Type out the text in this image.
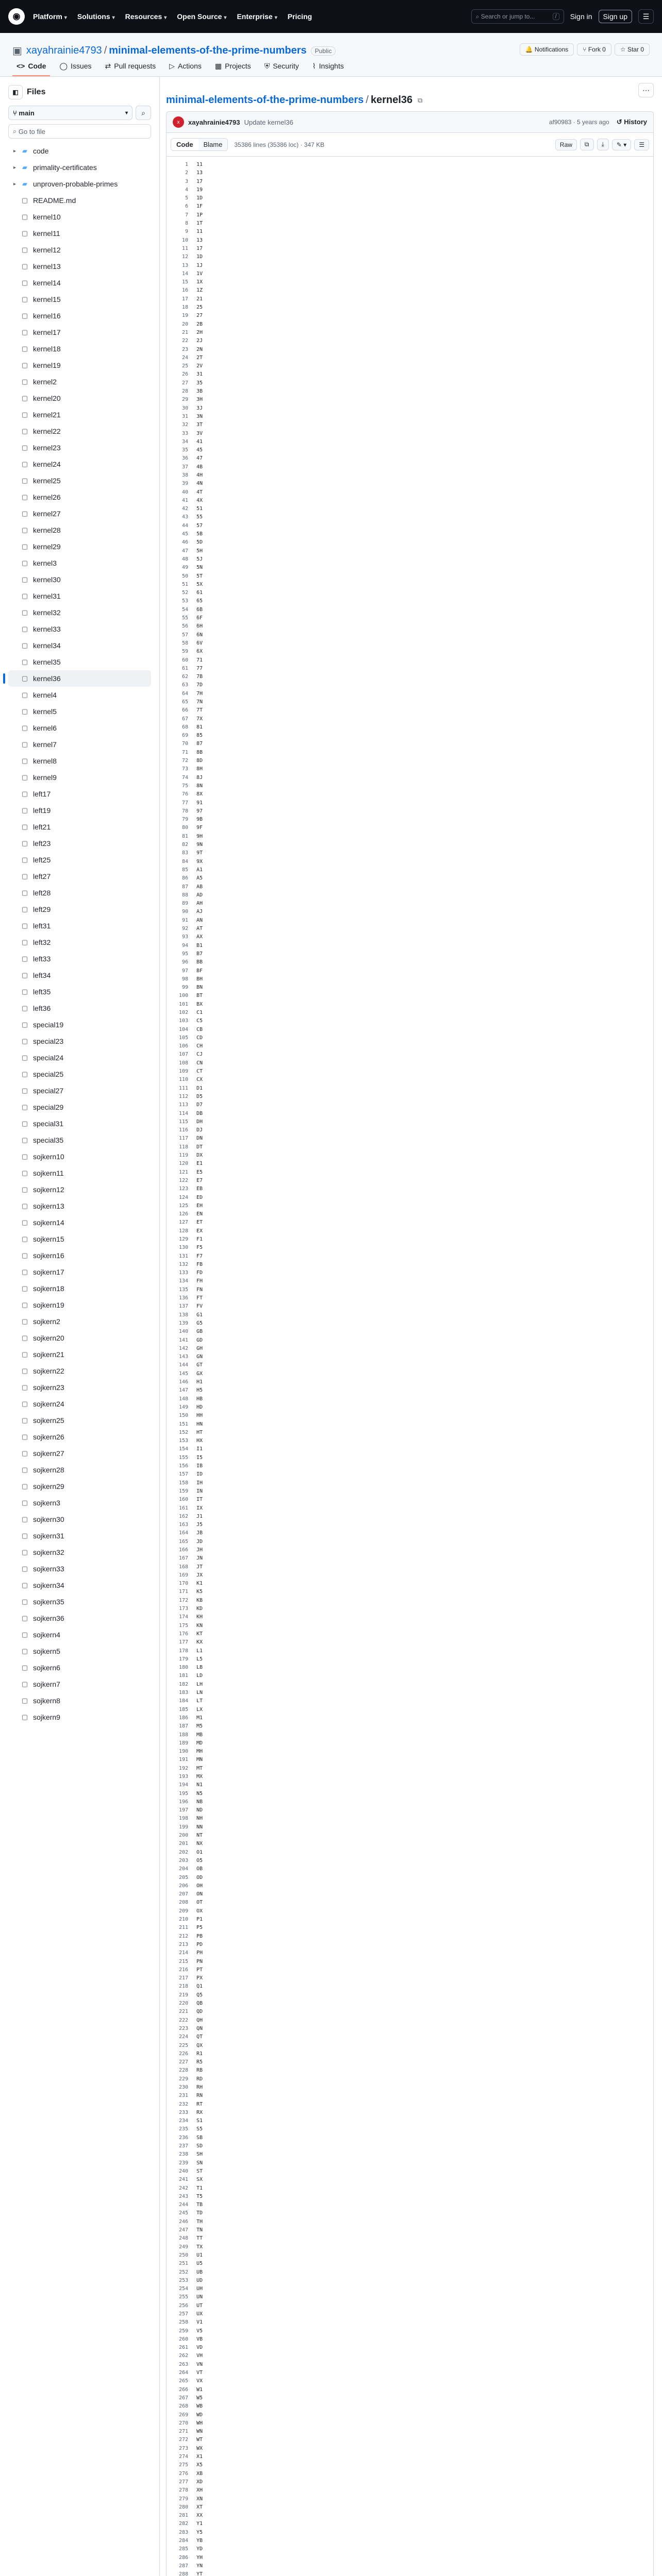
◉	Platform ▾ Solutions ▾ Resources ▾ Open Source ▾ Enterprise ▾ Pricing	⌕ Search or jump to...	/	Sign in	Sign up	☰
▣ xayahrainie4793 / minimal-elements-of-the-prime-numbers	Public	🔔 Notifications	⑂ Fork 0	☆ Star 0
<> Code ◯ Issues ⇄ Pull requests ▷ Actions ▦ Projects ⛨ Security ⌇ Insights
◧	Files
⑂ main	▾	⌕
⌕ Go to file
▸ ▰ code
▸ ▰ primality-certificates
▸ ▰ unproven-probable-primes
▢ README.md
▢ kernel10
▢ kernel11
▢ kernel12
▢ kernel13
▢ kernel14
▢ kernel15
▢ kernel16
▢ kernel17
▢ kernel18
▢ kernel19
▢ kernel2
▢ kernel20
▢ kernel21
▢ kernel22
▢ kernel23
▢ kernel24
▢ kernel25
▢ kernel26
▢ kernel27
▢ kernel28
▢ kernel29
▢ kernel3
▢ kernel30
▢ kernel31
▢ kernel32
▢ kernel33
▢ kernel34
▢ kernel35
▢ kernel36
▢ kernel4
▢ kernel5
▢ kernel6
▢ kernel7
▢ kernel8
▢ kernel9
▢ left17
▢ left19
▢ left21
▢ left23
▢ left25
▢ left27
▢ left28
▢ left29
▢ left31
▢ left32
▢ left33
▢ left34
▢ left35
▢ left36
▢ special19
▢ special23
▢ special24
▢ special25
▢ special27
▢ special29
▢ special31
▢ special35
▢ sojkern10
▢ sojkern11
▢ sojkern12
▢ sojkern13
▢ sojkern14
▢ sojkern15
▢ sojkern16
▢ sojkern17
▢ sojkern18
▢ sojkern19
▢ sojkern2
▢ sojkern20
▢ sojkern21
▢ sojkern22
▢ sojkern23
▢ sojkern24
▢ sojkern25
▢ sojkern26
▢ sojkern27
▢ sojkern28
▢ sojkern29
▢ sojkern3
▢ sojkern30
▢ sojkern31
▢ sojkern32
▢ sojkern33
▢ sojkern34
▢ sojkern35
▢ sojkern36
▢ sojkern4
▢ sojkern5
▢ sojkern6
▢ sojkern7
▢ sojkern8
▢ sojkern9
⋯
minimal-elements-of-the-prime-numbers / kernel36 ⧉
x	xayahrainie4793 Update kernel36	af90983 · 5 years ago ↺ History
Code	Blame	35386 lines (35386 loc) · 347 KB	Raw	⧉	⤓	✎ ▾	☰
1	11
2	13
3	17
4	19
5	1D
6	1F
7	1P
8	1T
9	11
10	13
11	17
12	1D
13	1J
14	1V
15	1X
16	1Z
17	21
18	25
19	27
20	2B
21	2H
22	2J
23	2N
24	2T
25	2V
26	31
27	35
28	3B
29	3H
30	3J
31	3N
32	3T
33	3V
34	41
35	45
36	47
37	4B
38	4H
39	4N
40	4T
41	4X
42	51
43	55
44	57
45	5B
46	5D
47	5H
48	5J
49	5N
50	5T
51	5X
52	61
53	65
54	6B
55	6F
56	6H
57	6N
58	6V
59	6X
60	71
61	77
62	7B
63	7D
64	7H
65	7N
66	7T
67	7X
68	81
69	85
70	87
71	8B
72	8D
73	8H
74	8J
75	8N
76	8X
77	91
78	97
79	9B
80	9F
81	9H
82	9N
83	9T
84	9X
85	A1
86	A5
87	AB
88	AD
89	AH
90	AJ
91	AN
92	AT
93	AX
94	B1
95	B7
96	BB
97	BF
98	BH
99	BN
100	BT
101	BX
102	C1
103	C5
104	CB
105	CD
106	CH
107	CJ
108	CN
109	CT
110	CX
111	D1
112	D5
113	D7
114	DB
115	DH
116	DJ
117	DN
118	DT
119	DX
120	E1
121	E5
122	E7
123	EB
124	ED
125	EH
126	EN
127	ET
128	EX
129	F1
130	F5
131	F7
132	FB
133	FD
134	FH
135	FN
136	FT
137	FV
138	G1
139	G5
140	GB
141	GD
142	GH
143	GN
144	GT
145	GX
146	H1
147	H5
148	HB
149	HD
150	HH
151	HN
152	HT
153	HX
154	I1
155	I5
156	IB
157	ID
158	IH
159	IN
160	IT
161	IX
162	J1
163	J5
164	JB
165	JD
166	JH
167	JN
168	JT
169	JX
170	K1
171	K5
172	KB
173	KD
174	KH
175	KN
176	KT
177	KX
178	L1
179	L5
180	LB
181	LD
182	LH
183	LN
184	LT
185	LX
186	M1
187	M5
188	MB
189	MD
190	MH
191	MN
192	MT
193	MX
194	N1
195	N5
196	NB
197	ND
198	NH
199	NN
200	NT
201	NX
202	O1
203	O5
204	OB
205	OD
206	OH
207	ON
208	OT
209	OX
210	P1
211	P5
212	PB
213	PD
214	PH
215	PN
216	PT
217	PX
218	Q1
219	Q5
220	QB
221	QD
222	QH
223	QN
224	QT
225	QX
226	R1
227	R5
228	RB
229	RD
230	RH
231	RN
232	RT
233	RX
234	S1
235	S5
236	SB
237	SD
238	SH
239	SN
240	ST
241	SX
242	T1
243	T5
244	TB
245	TD
246	TH
247	TN
248	TT
249	TX
250	U1
251	U5
252	UB
253	UD
254	UH
255	UN
256	UT
257	UX
258	V1
259	V5
260	VB
261	VD
262	VH
263	VN
264	VT
265	VX
266	W1
267	W5
268	WB
269	WD
270	WH
271	WN
272	WT
273	WX
274	X1
275	X5
276	XB
277	XD
278	XH
279	XN
280	XT
281	XX
282	Y1
283	Y5
284	YB
285	YD
286	YH
287	YN
288	YT
